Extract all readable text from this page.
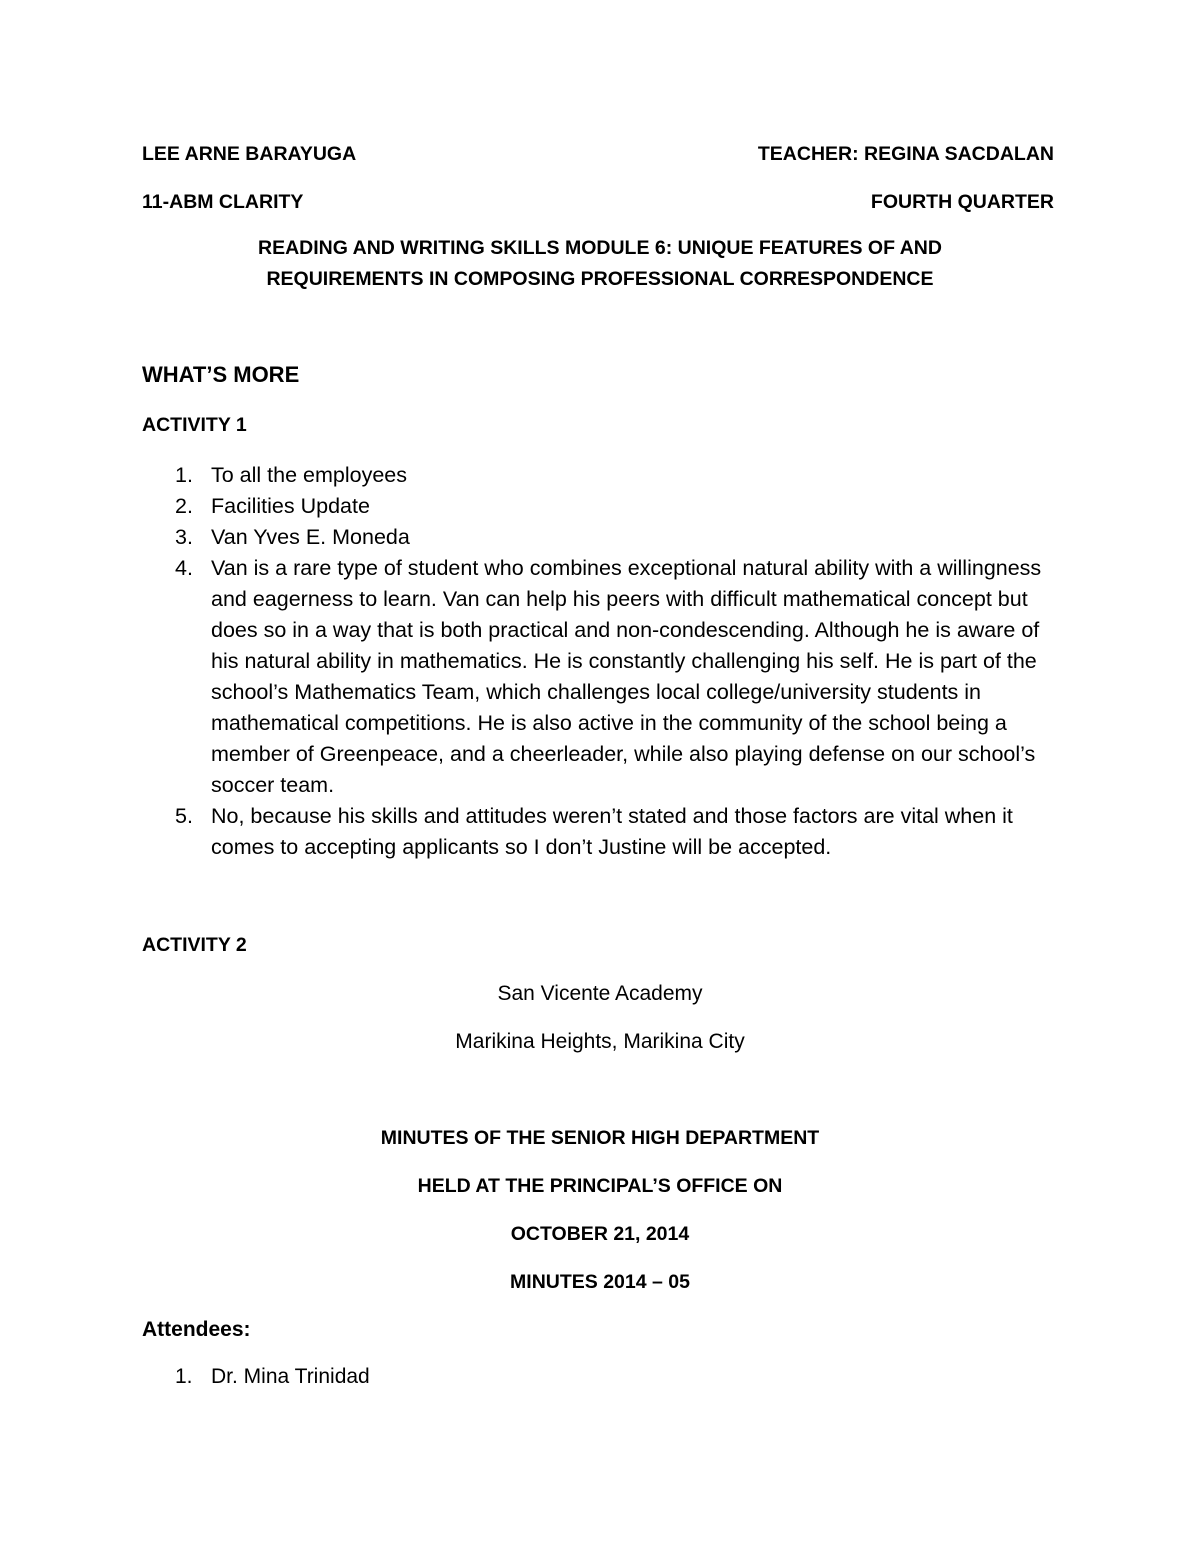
LEE ARNE BARAYUGA	TEACHER: REGINA SACDALAN
11-ABM CLARITY	FOURTH QUARTER
READING AND WRITING SKILLS MODULE 6: UNIQUE FEATURES OF AND
REQUIREMENTS IN COMPOSING PROFESSIONAL CORRESPONDENCE
WHAT’S MORE
ACTIVITY 1
1. To all the employees
2. Facilities Update
3. Van Yves E. Moneda
4. Van is a rare type of student who combines exceptional natural ability with a willingness and eagerness to learn. Van can help his peers with difficult mathematical concept but does so in a way that is both practical and non-condescending. Although he is aware of his natural ability in mathematics. He is constantly challenging his self. He is part of the school’s Mathematics Team, which challenges local college/university students in mathematical competitions. He is also active in the community of the school being a member of Greenpeace, and a cheerleader, while also playing defense on our school’s soccer team.
5. No, because his skills and attitudes weren’t stated and those factors are vital when it comes to accepting applicants so I don’t Justine will be accepted.
ACTIVITY 2
San Vicente Academy
Marikina Heights, Marikina City
MINUTES OF THE SENIOR HIGH DEPARTMENT
HELD AT THE PRINCIPAL’S OFFICE ON
OCTOBER 21, 2014
MINUTES 2014 – 05
Attendees:
1. Dr. Mina Trinidad
